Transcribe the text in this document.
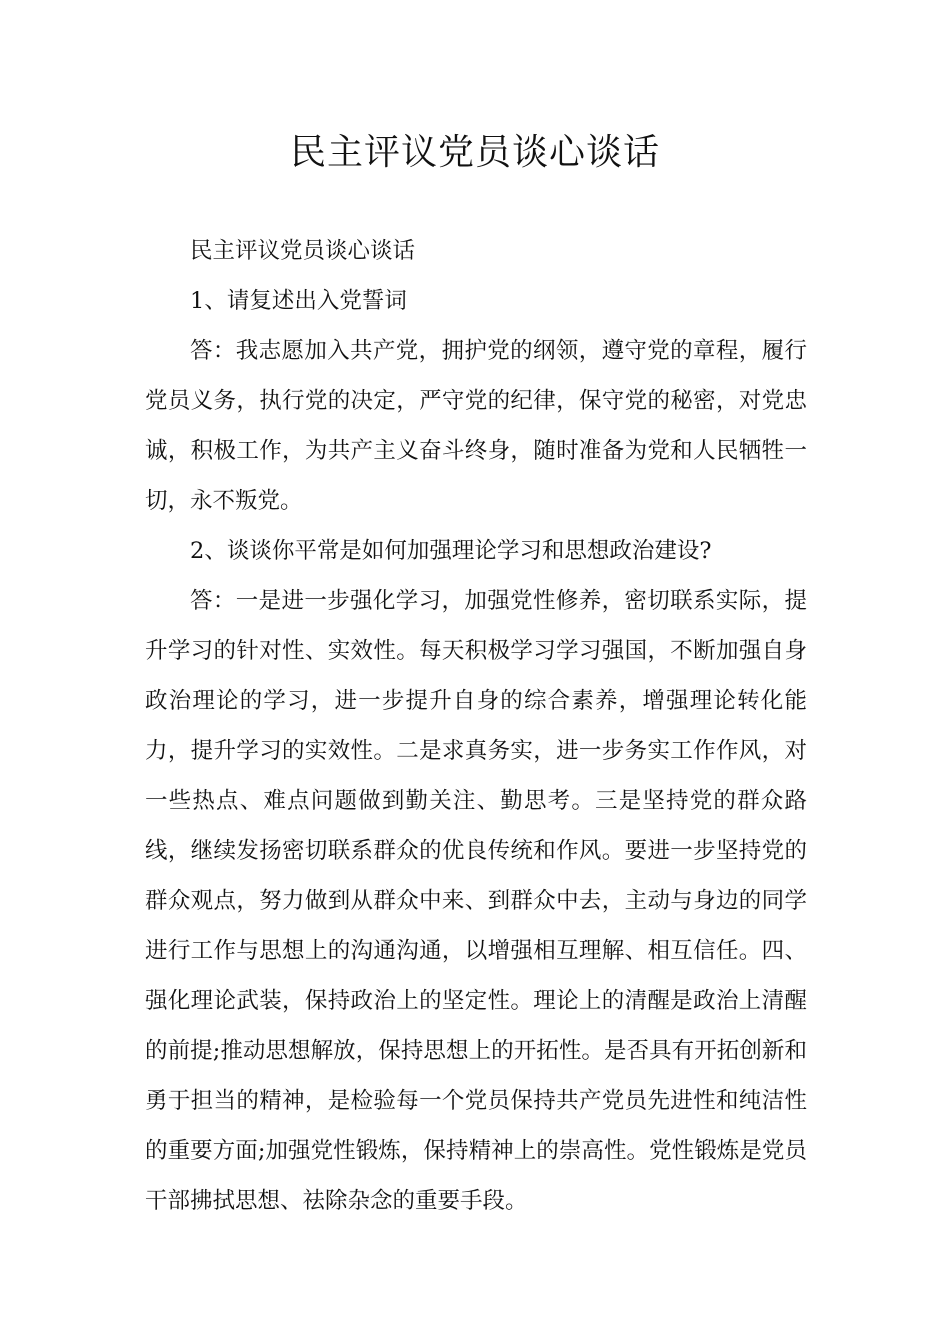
民主评议党员谈心谈话

民主评议党员谈心谈话

1、请复述出入党誓词

答：我志愿加入共产党，拥护党的纲领，遵守党的章程，履行党员义务，执行党的决定，严守党的纪律，保守党的秘密，对党忠诚，积极工作，为共产主义奋斗终身，随时准备为党和人民牺牲一切，永不叛党。

2、谈谈你平常是如何加强理论学习和思想政治建设?

答：一是进一步强化学习，加强党性修养，密切联系实际，提升学习的针对性、实效性。每天积极学习学习强国，不断加强自身政治理论的学习，进一步提升自身的综合素养，增强理论转化能力，提升学习的实效性。二是求真务实，进一步务实工作作风，对一些热点、难点问题做到勤关注、勤思考。三是坚持党的群众路线，继续发扬密切联系群众的优良传统和作风。要进一步坚持党的群众观点，努力做到从群众中来、到群众中去，主动与身边的同学进行工作与思想上的沟通沟通，以增强相互理解、相互信任。四、强化理论武装，保持政治上的坚定性。理论上的清醒是政治上清醒的前提;推动思想解放，保持思想上的开拓性。是否具有开拓创新和勇于担当的精神，是检验每一个党员保持共产党员先进性和纯洁性的重要方面;加强党性锻炼，保持精神上的崇高性。党性锻炼是党员干部拂拭思想、祛除杂念的重要手段。
